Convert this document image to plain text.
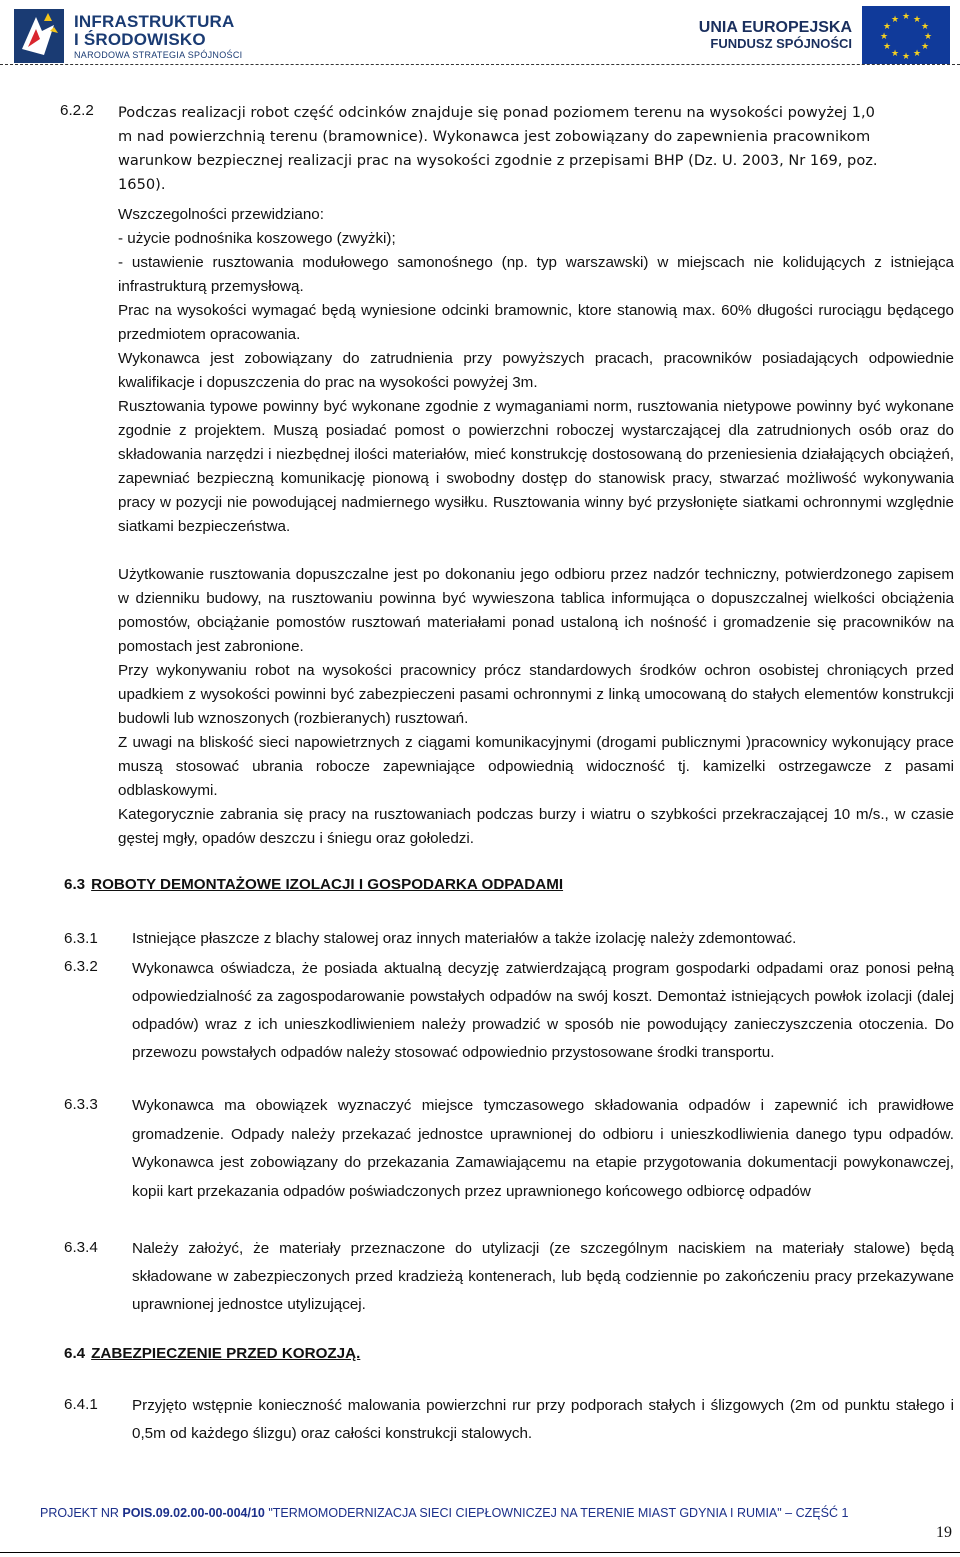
INFRASTRUKTURA
I ŚRODOWISKO
NARODOWA STRATEGIA SPÓJNOŚCI
UNIA EUROPEJSKA
FUNDUSZ SPÓJNOŚCI
★ ★
★
★
★
★
★
★
★
★
★
★
6.2.2 Podczas realizacji robot część odcinków znajduje się ponad poziomem terenu na wysokości powyżej 1,0
m nad powierzchnią terenu (bramownice). Wykonawca jest zobowiązany do zapewnienia pracownikom
warunkow bezpiecznej realizacji prac na wysokości zgodnie z przepisami BHP (Dz. U. 2003, Nr 169, poz.
1650).
Wszczegolności przewidziano:
- użycie podnośnika koszowego (zwyżki);
- ustawienie rusztowania modułowego samonośnego (np. typ warszawski) w miejscach nie kolidujących z istniejąca infrastrukturą przemysłową.
Prac na wysokości wymagać będą wyniesione odcinki bramownic, ktore stanowią max. 60% długości rurociągu będącego przedmiotem opracowania.
Wykonawca jest zobowiązany do zatrudnienia przy powyższych pracach, pracowników posiadających odpowiednie kwalifikacje i dopuszczenia do prac na wysokości powyżej 3m.
Rusztowania typowe powinny być wykonane zgodnie z wymaganiami norm, rusztowania nietypowe powinny być wykonane zgodnie z projektem. Muszą posiadać pomost o powierzchni roboczej wystarczającej dla zatrudnionych osób oraz do składowania narzędzi i niezbędnej ilości materiałów, mieć konstrukcję dostosowaną do przeniesienia działających obciążeń, zapewniać bezpieczną komunikację pionową i swobodny dostęp do stanowisk pracy, stwarzać możliwość wykonywania pracy w pozycji nie powodującej nadmiernego wysiłku. Rusztowania winny być przysłonięte siatkami ochronnymi względnie siatkami bezpieczeństwa.
Użytkowanie rusztowania dopuszczalne jest po dokonaniu jego odbioru przez nadzór techniczny, potwierdzonego zapisem w dzienniku budowy, na rusztowaniu powinna być wywieszona tablica informująca o dopuszczalnej wielkości obciążenia pomostów, obciążanie pomostów rusztowań materiałami ponad ustaloną ich nośność i gromadzenie się pracowników na pomostach jest zabronione.
Przy wykonywaniu robot na wysokości pracownicy prócz standardowych środków ochron osobistej chroniących przed upadkiem z wysokości powinni być zabezpieczeni pasami ochronnymi z linką umocowaną do stałych elementów konstrukcji budowli lub wznoszonych (rozbieranych) rusztowań.
Z uwagi na bliskość sieci napowietrznych z ciągami komunikacyjnymi (drogami publicznymi )pracownicy wykonujący prace muszą stosować ubrania robocze zapewniające odpowiednią widoczność tj. kamizelki ostrzegawcze z pasami odblaskowymi.
Kategorycznie zabrania się pracy na rusztowaniach podczas burzy i wiatru o szybkości przekraczającej 10 m/s., w czasie gęstej mgły, opadów deszczu i śniegu oraz gołoledzi.
6.3 ROBOTY DEMONTAŻOWE IZOLACJI I GOSPODARKA ODPADAMI
6.3.1 Istniejące płaszcze z blachy stalowej oraz innych materiałów a także izolację należy zdemontować.
6.3.2 Wykonawca oświadcza, że posiada aktualną decyzję zatwierdzającą program gospodarki odpadami oraz ponosi pełną odpowiedzialność za zagospodarowanie powstałych odpadów na swój koszt. Demontaż istniejących powłok izolacji (dalej odpadów) wraz z ich unieszkodliwieniem należy prowadzić w sposób nie powodujący zanieczyszczenia otoczenia. Do przewozu powstałych odpadów należy stosować odpowiednio przystosowane środki transportu.
6.3.3 Wykonawca ma obowiązek wyznaczyć miejsce tymczasowego składowania odpadów i zapewnić ich prawidłowe gromadzenie. Odpady należy przekazać jednostce uprawnionej do odbioru i unieszkodliwienia danego typu odpadów. Wykonawca jest zobowiązany do przekazania Zamawiającemu na etapie przygotowania dokumentacji powykonawczej, kopii kart przekazania odpadów poświadczonych przez uprawnionego końcowego odbiorcę odpadów
6.3.4 Należy założyć, że materiały przeznaczone do utylizacji (ze szczególnym naciskiem na materiały stalowe) będą składowane w zabezpieczonych przed kradzieżą kontenerach, lub będą codziennie po zakończeniu pracy przekazywane uprawnionej jednostce utylizującej.
6.4 ZABEZPIECZENIE PRZED KOROZJĄ.
6.4.1 Przyjęto wstępnie konieczność malowania powierzchni rur przy podporach stałych i ślizgowych (2m od punktu stałego i 0,5m od każdego ślizgu) oraz całości konstrukcji stalowych.
PROJEKT NR POIS.09.02.00-00-004/10 "TERMOMODERNIZACJA SIECI CIEPŁOWNICZEJ NA TERENIE MIAST GDYNIA I RUMIA" – CZĘŚĆ 1
19
